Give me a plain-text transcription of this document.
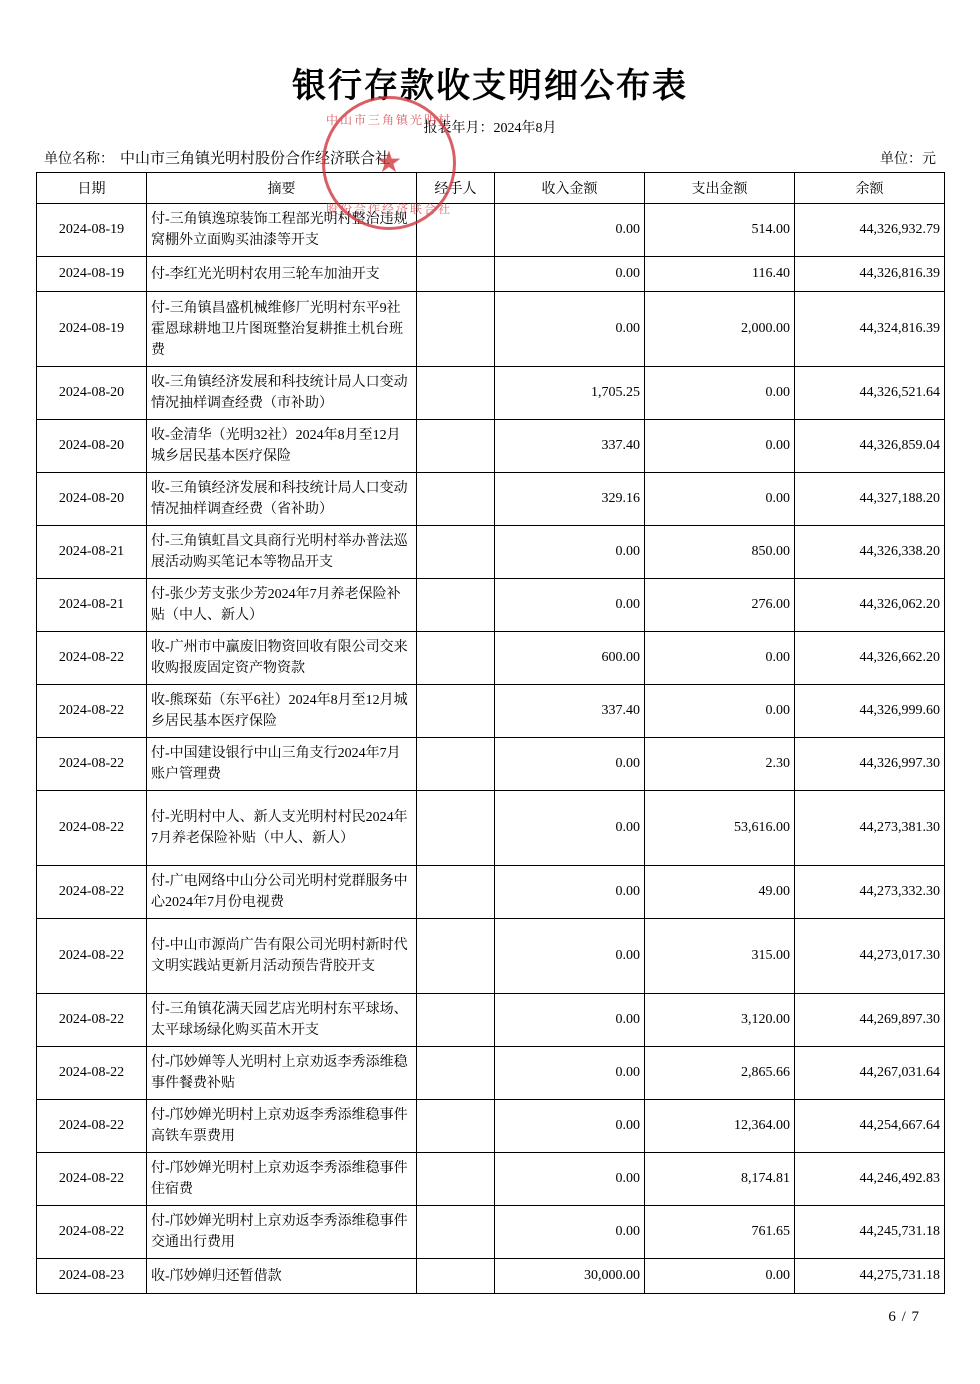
银行存款收支明细公布表
报表年月：2024年8月
单位名称： 中山市三角镇光明村股份合作经济联合社	单位：元
日期	摘要	经手人	收入金额	支出金额	余额
2024-08-19	付-三角镇逸琼装饰工程部光明村整治违规窝棚外立面购买油漆等开支		0.00	514.00	44,326,932.79
2024-08-19	付-李红光光明村农用三轮车加油开支		0.00	116.40	44,326,816.39
2024-08-19	付-三角镇昌盛机械维修厂光明村东平9社霍恩球耕地卫片图斑整治复耕推土机台班费		0.00	2,000.00	44,324,816.39
2024-08-20	收-三角镇经济发展和科技统计局人口变动情况抽样调查经费（市补助）		1,705.25	0.00	44,326,521.64
2024-08-20	收-金清华（光明32社）2024年8月至12月城乡居民基本医疗保险		337.40	0.00	44,326,859.04
2024-08-20	收-三角镇经济发展和科技统计局人口变动情况抽样调查经费（省补助）		329.16	0.00	44,327,188.20
2024-08-21	付-三角镇虹昌文具商行光明村举办普法巡展活动购买笔记本等物品开支		0.00	850.00	44,326,338.20
2024-08-21	付-张少芳支张少芳2024年7月养老保险补贴（中人、新人）		0.00	276.00	44,326,062.20
2024-08-22	收-广州市中赢废旧物资回收有限公司交来收购报废固定资产物资款		600.00	0.00	44,326,662.20
2024-08-22	收-熊琛茹（东平6社）2024年8月至12月城乡居民基本医疗保险		337.40	0.00	44,326,999.60
2024-08-22	付-中国建设银行中山三角支行2024年7月账户管理费		0.00	2.30	44,326,997.30
2024-08-22	付-光明村中人、新人支光明村村民2024年7月养老保险补贴（中人、新人）		0.00	53,616.00	44,273,381.30
2024-08-22	付-广电网络中山分公司光明村党群服务中心2024年7月份电视费		0.00	49.00	44,273,332.30
2024-08-22	付-中山市源尚广告有限公司光明村新时代文明实践站更新月活动预告背胶开支		0.00	315.00	44,273,017.30
2024-08-22	付-三角镇花满天园艺店光明村东平球场、太平球场绿化购买苗木开支		0.00	3,120.00	44,269,897.30
2024-08-22	付-邝妙婵等人光明村上京劝返李秀添维稳事件餐费补贴		0.00	2,865.66	44,267,031.64
2024-08-22	付-邝妙婵光明村上京劝返李秀添维稳事件高铁车票费用		0.00	12,364.00	44,254,667.64
2024-08-22	付-邝妙婵光明村上京劝返李秀添维稳事件住宿费		0.00	8,174.81	44,246,492.83
2024-08-22	付-邝妙婵光明村上京劝返李秀添维稳事件交通出行费用		0.00	761.65	44,245,731.18
2024-08-23	收-邝妙婵归还暂借款		30,000.00	0.00	44,275,731.18
中山市三角镇光明村
★
股份合作经济联合社
6 / 7
